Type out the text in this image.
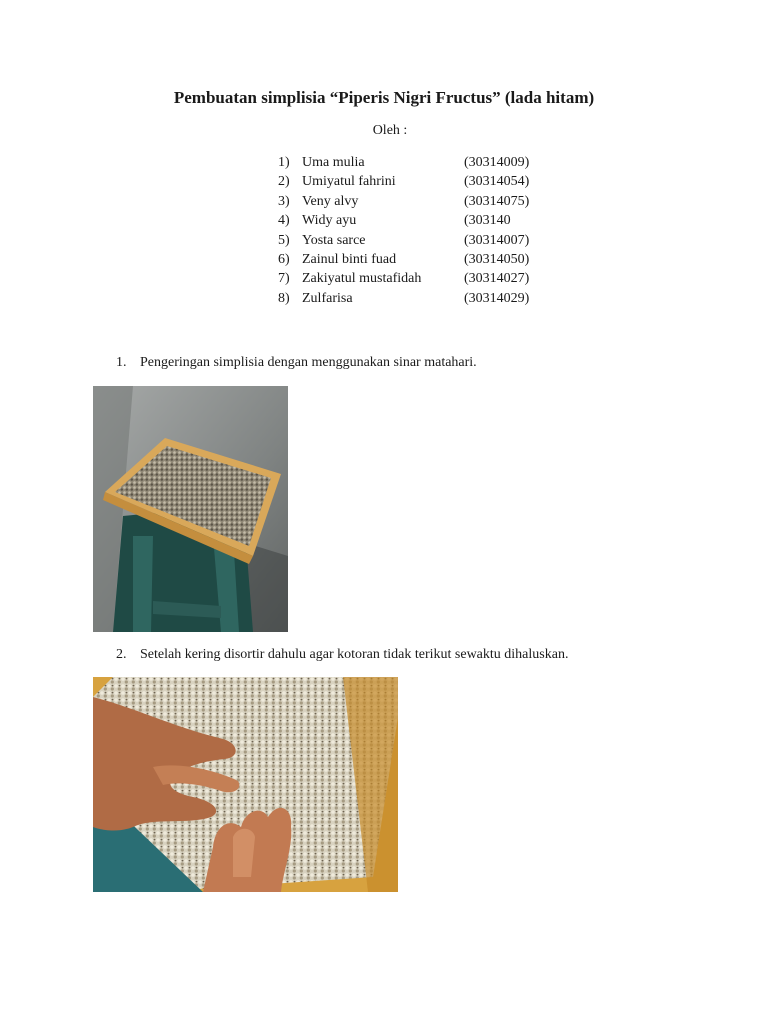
Pembuatan simplisia “Piperis Nigri Fructus” (lada hitam)
Oleh :
1) Uma mulia	(30314009)
2) Umiyatul fahrini	(30314054)
3) Veny alvy	(30314075)
4) Widy ayu	(303140
5) Yosta sarce	(30314007)
6) Zainul binti fuad	(30314050)
7) Zakiyatul mustafidah	(30314027)
8) Zulfarisa	(30314029)
1. Pengeringan simplisia dengan menggunakan sinar matahari.
2. Setelah kering disortir dahulu agar kotoran tidak terikut sewaktu dihaluskan.
